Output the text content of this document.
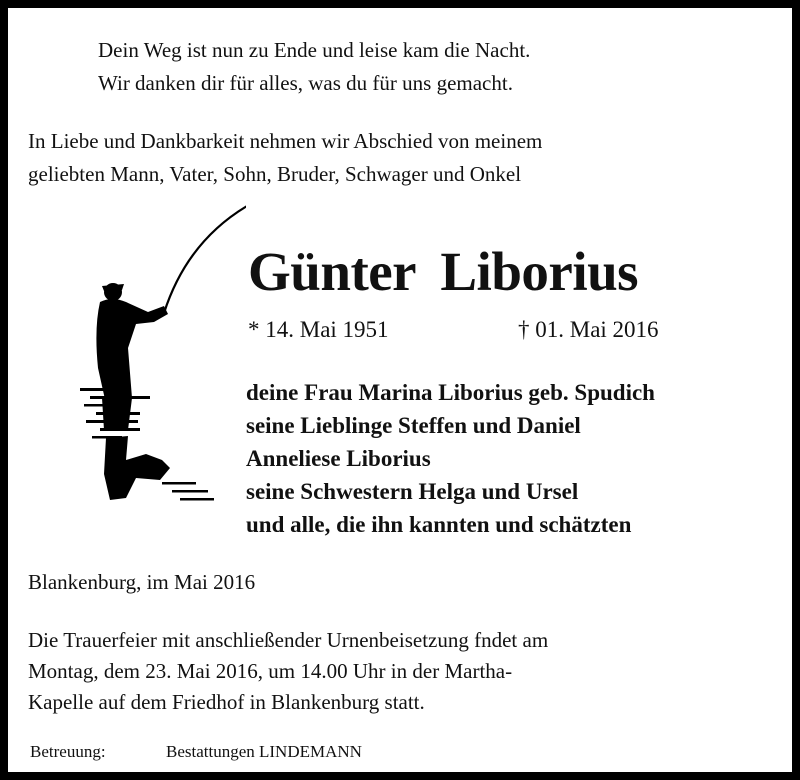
Dein Weg ist nun zu Ende und leise kam die Nacht.
Wir danken dir für alles, was du für uns gemacht.
In Liebe und Dankbarkeit nehmen wir Abschied von meinem
geliebten Mann, Vater, Sohn, Bruder, Schwager und Onkel
Günter Liborius
* 14. Mai 1951	† 01. Mai 2016
deine Frau Marina Liborius geb. Spudich
seine Lieblinge Steffen und Daniel
Anneliese Liborius
seine Schwestern Helga und Ursel
und alle, die ihn kannten und schätzten
Blankenburg, im Mai 2016
Die Trauerfeier mit anschließender Urnenbeisetzung fndet am
Montag, dem 23. Mai 2016, um 14.00 Uhr in der Martha-
Kapelle auf dem Friedhof in Blankenburg statt.
Betreuung:	Bestattungen LINDEMANN
